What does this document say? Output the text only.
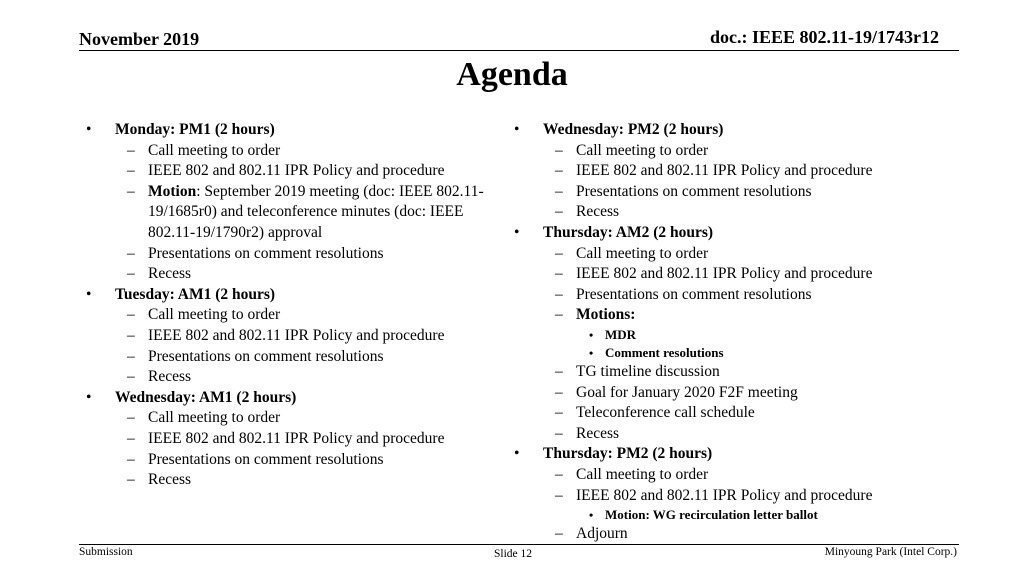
November 2019	doc.: IEEE 802.11-19/1743r12
Agenda
• Monday: PM1 (2 hours)
– Call meeting to order
– IEEE 802 and 802.11 IPR Policy and procedure
– Motion: September 2019 meeting (doc: IEEE 802.11-19/1685r0) and teleconference minutes (doc: IEEE 802.11-19/1790r2) approval
– Presentations on comment resolutions
– Recess
• Tuesday: AM1 (2 hours)
– Call meeting to order
– IEEE 802 and 802.11 IPR Policy and procedure
– Presentations on comment resolutions
– Recess
• Wednesday: AM1 (2 hours)
– Call meeting to order
– IEEE 802 and 802.11 IPR Policy and procedure
– Presentations on comment resolutions
– Recess
• Wednesday: PM2 (2 hours)
– Call meeting to order
– IEEE 802 and 802.11 IPR Policy and procedure
– Presentations on comment resolutions
– Recess
• Thursday: AM2 (2 hours)
– Call meeting to order
– IEEE 802 and 802.11 IPR Policy and procedure
– Presentations on comment resolutions
– Motions:
• MDR
• Comment resolutions
– TG timeline discussion
– Goal for January 2020 F2F meeting
– Teleconference call schedule
– Recess
• Thursday: PM2 (2 hours)
– Call meeting to order
– IEEE 802 and 802.11 IPR Policy and procedure
• Motion: WG recirculation letter ballot
– Adjourn
Submission	Slide 12	Minyoung Park (Intel Corp.)
